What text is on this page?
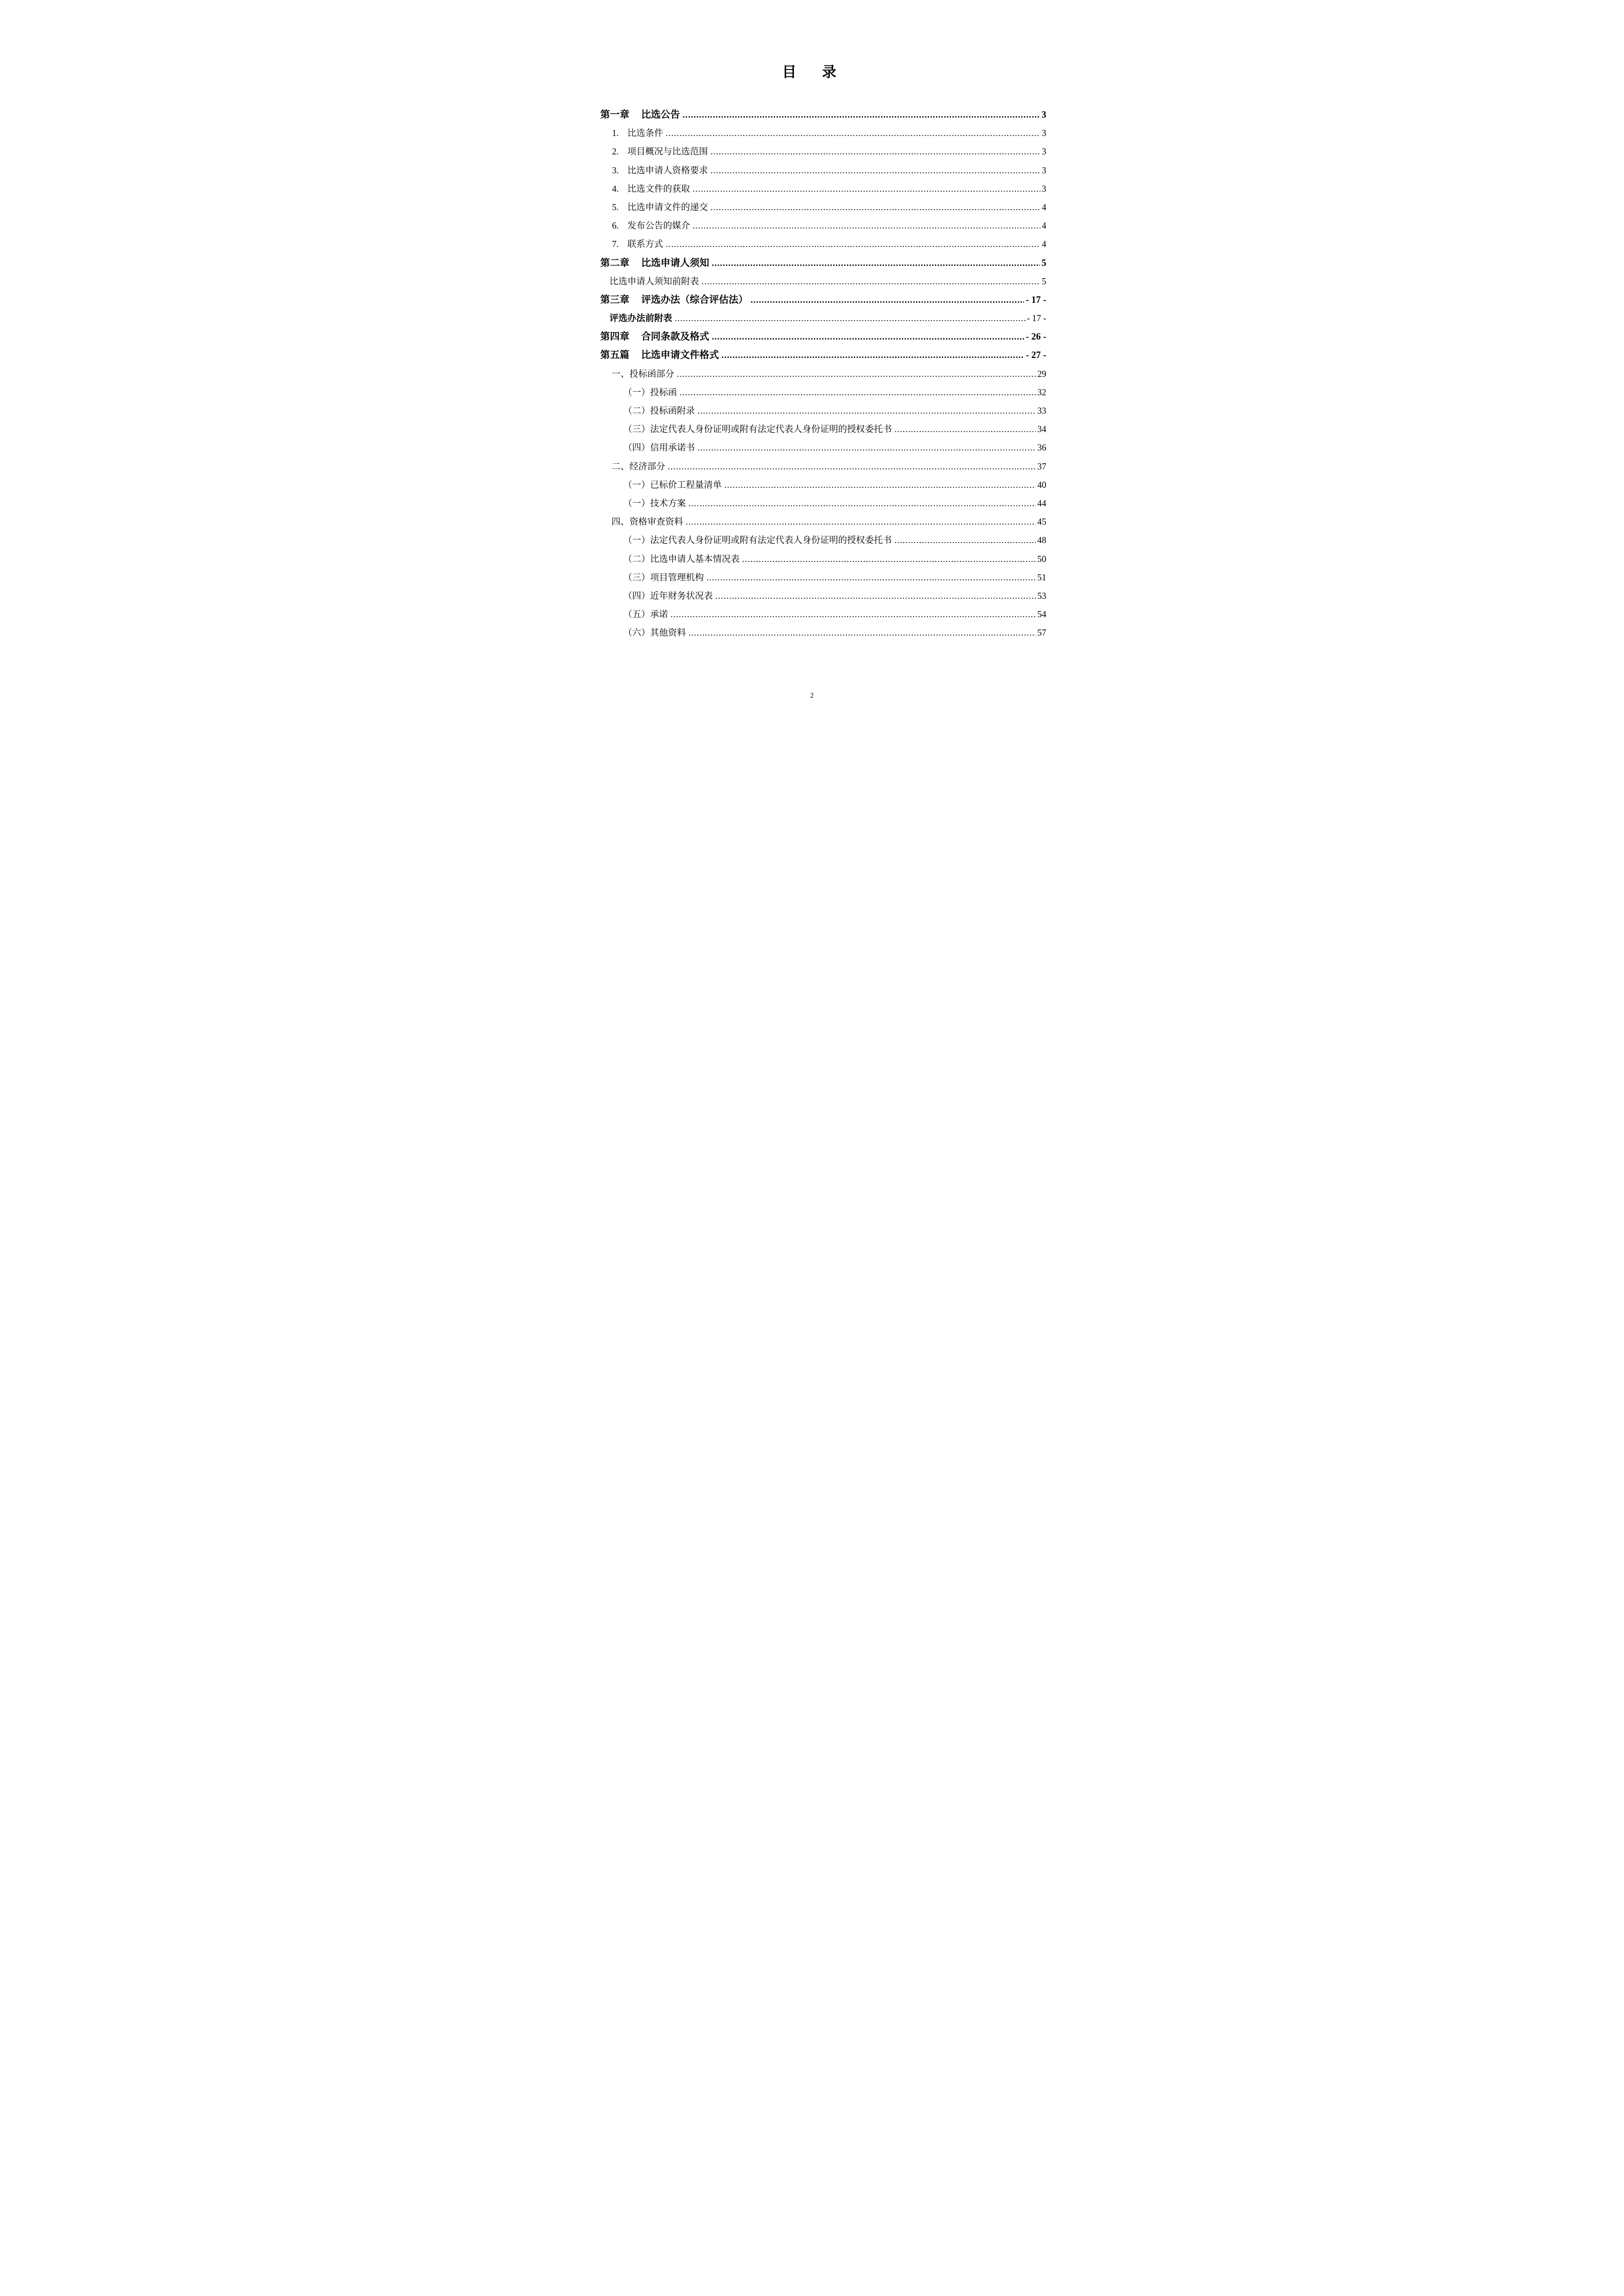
目　录
第一章 比选公告 .....	3
1. 比选条件 .....	3
2. 项目概况与比选范围 .....	3
3. 比选申请人资格要求 .....	3
4. 比选文件的获取 .....	3
5. 比选申请文件的递交 .....	4
6. 发布公告的媒介 .....	4
7. 联系方式 .....	4
第二章 比选申请人须知 .....	5
比选申请人须知前附表 .....	5
第三章 评选办法（综合评估法） .....	- 17 -
评选办法前附表 .....	- 17 -
第四章 合同条款及格式 .....	- 26 -
第五篇 比选申请文件格式 .....	- 27 -
一、投标函部分 .....	29
（一）投标函 .....	32
（二）投标函附录 .....	33
（三）法定代表人身份证明或附有法定代表人身份证明的授权委托书 .....	34
（四）信用承诺书 .....	36
二、经济部分 .....	37
（一）已标价工程量清单 .....	40
（一）技术方案 .....	44
四、资格审查资料 .....	45
（一）法定代表人身份证明或附有法定代表人身份证明的授权委托书 .....	48
（二）比选申请人基本情况表 .....	50
（三）项目管理机构 .....	51
（四）近年财务状况表 .....	53
（五）承诺 .....	54
（六）其他资料 .....	57
2
